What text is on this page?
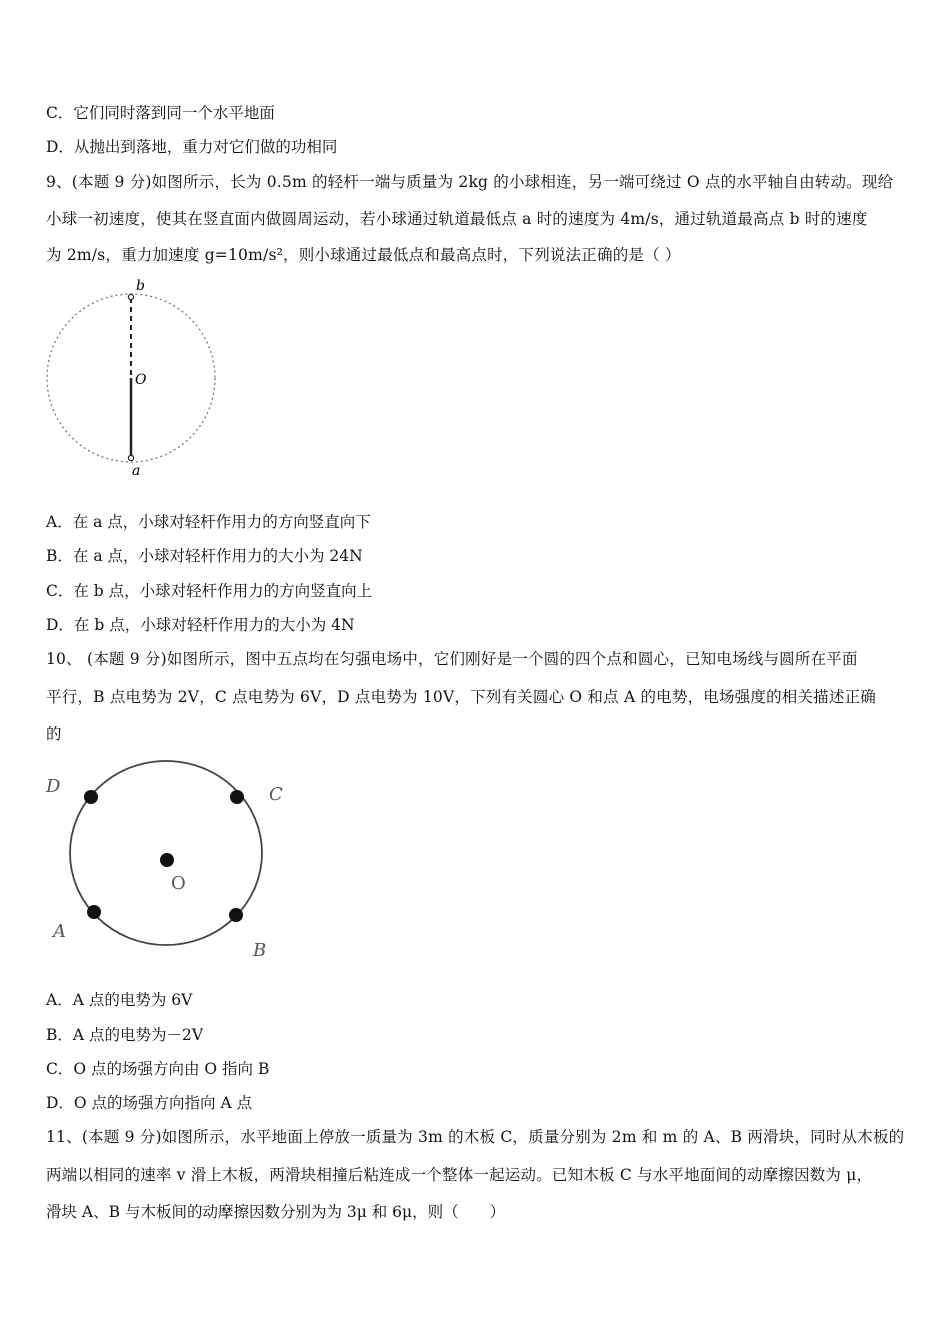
C．它们同时落到同一个水平地面
D．从抛出到落地，重力对它们做的功相同
9、(本题 9 分)如图所示，长为 0.5m 的轻杆一端与质量为 2kg 的小球相连，另一端可绕过 O 点的水平轴自由转动。现给
小球一初速度，使其在竖直面内做圆周运动，若小球通过轨道最低点 a 时的速度为 4m/s，通过轨道最高点 b 时的速度
为 2m/s，重力加速度 g=10m/s²，则小球通过最低点和最高点时，下列说法正确的是（ ）
b
O
a
A．在 a 点，小球对轻杆作用力的方向竖直向下
B．在 a 点，小球对轻杆作用力的大小为 24N
C．在 b 点，小球对轻杆作用力的方向竖直向上
D．在 b 点，小球对轻杆作用力的大小为 4N
10、 (本题 9 分)如图所示，图中五点均在匀强电场中，它们刚好是一个圆的四个点和圆心，已知电场线与圆所在平面
平行，B 点电势为 2V，C 点电势为 6V，D 点电势为 10V，下列有关圆心 O 和点 A 的电势，电场强度的相关描述正确
的
D	C
O
A
B
A．A 点的电势为 6V
B．A 点的电势为－2V
C．O 点的场强方向由 O 指向 B
D．O 点的场强方向指向 A 点
11、(本题 9 分)如图所示，水平地面上停放一质量为 3m 的木板 C，质量分别为 2m 和 m 的 A、B 两滑块，同时从木板的
两端以相同的速率 v 滑上木板，两滑块相撞后粘连成一个整体一起运动。已知木板 C 与水平地面间的动摩擦因数为 μ，
滑块 A、B 与木板间的动摩擦因数分别为为 3μ 和 6μ，则（　　）
